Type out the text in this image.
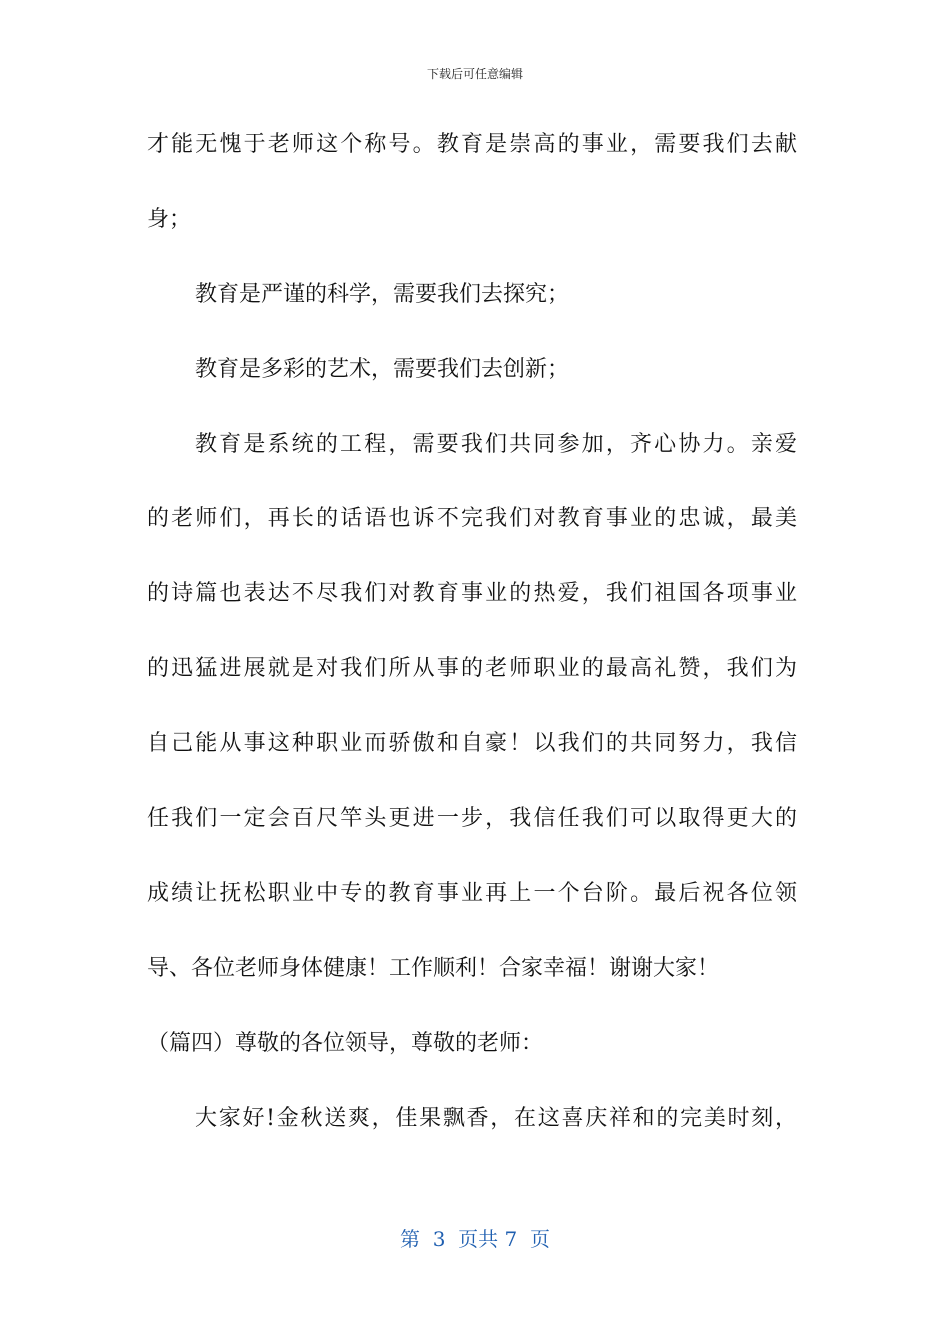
下载后可任意编辑
才能无愧于老师这个称号。教育是崇高的事业，需要我们去献
身；
教育是严谨的科学，需要我们去探究；
教育是多彩的艺术，需要我们去创新；
教育是系统的工程，需要我们共同参加，齐心协力。亲爱
的老师们，再长的话语也诉不完我们对教育事业的忠诚，最美
的诗篇也表达不尽我们对教育事业的热爱，我们祖国各项事业
的迅猛进展就是对我们所从事的老师职业的最高礼赞，我们为
自己能从事这种职业而骄傲和自豪！以我们的共同努力，我信
任我们一定会百尺竿头更进一步，我信任我们可以取得更大的
成绩让抚松职业中专的教育事业再上一个台阶。最后祝各位领
导、各位老师身体健康！工作顺利！合家幸福！谢谢大家！
（篇四）尊敬的各位领导，尊敬的老师：
大家好!金秋送爽，佳果飘香，在这喜庆祥和的完美时刻，
第  3  页共 7  页
